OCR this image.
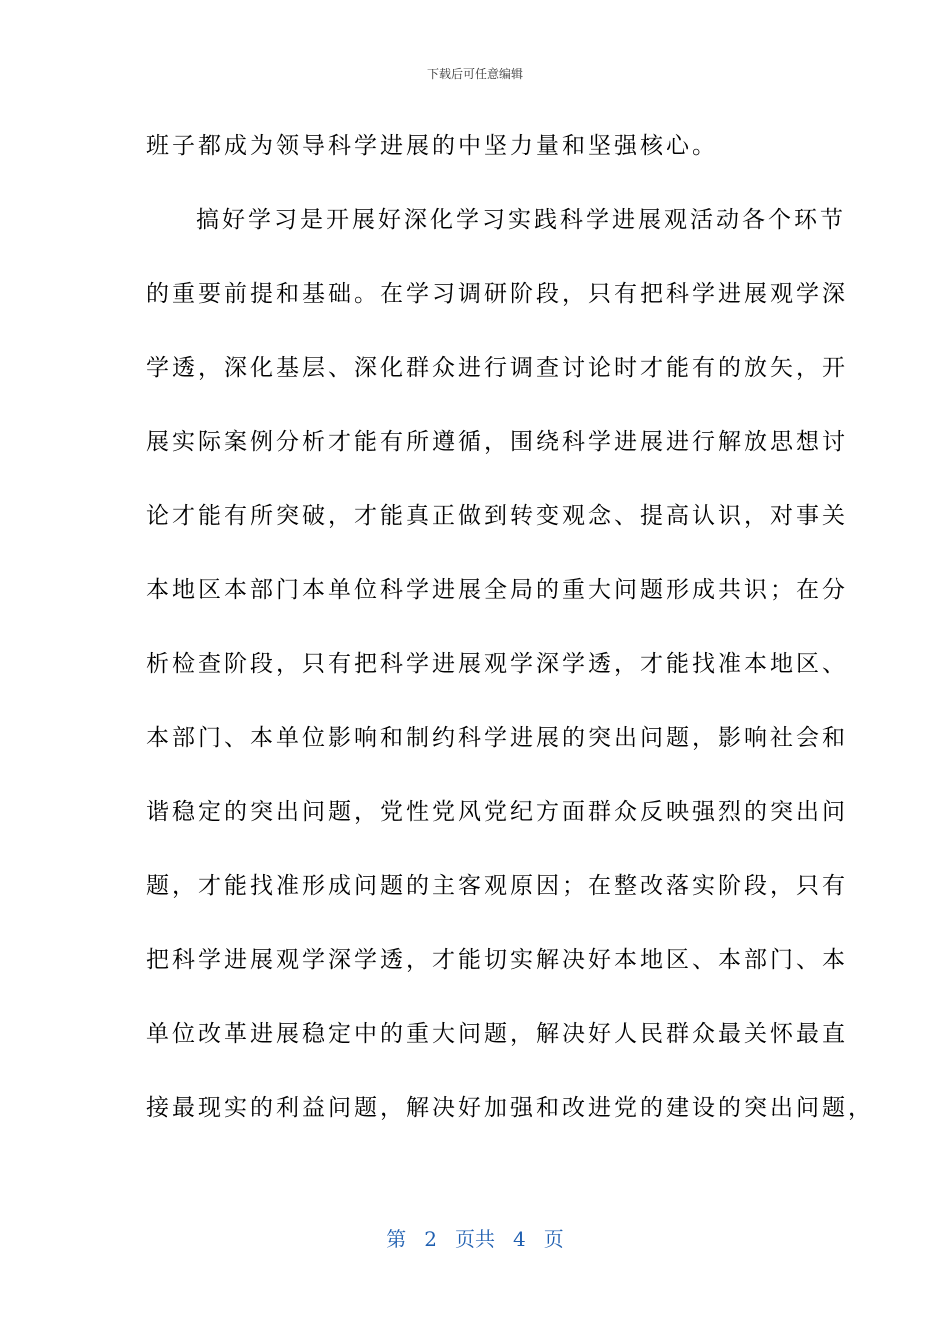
下载后可任意编辑
班子都成为领导科学进展的中坚力量和坚强核心。
搞好学习是开展好深化学习实践科学进展观活动各个环节
的重要前提和基础。在学习调研阶段，只有把科学进展观学深
学透，深化基层、深化群众进行调查讨论时才能有的放矢，开
展实际案例分析才能有所遵循，围绕科学进展进行解放思想讨
论才能有所突破，才能真正做到转变观念、提高认识，对事关
本地区本部门本单位科学进展全局的重大问题形成共识；在分
析检查阶段，只有把科学进展观学深学透，才能找准本地区、
本部门、本单位影响和制约科学进展的突出问题，影响社会和
谐稳定的突出问题，党性党风党纪方面群众反映强烈的突出问
题，才能找准形成问题的主客观原因；在整改落实阶段，只有
把科学进展观学深学透，才能切实解决好本地区、本部门、本
单位改革进展稳定中的重大问题，解决好人民群众最关怀最直
接最现实的利益问题，解决好加强和改进党的建设的突出问题，
第 2 页共 4 页
